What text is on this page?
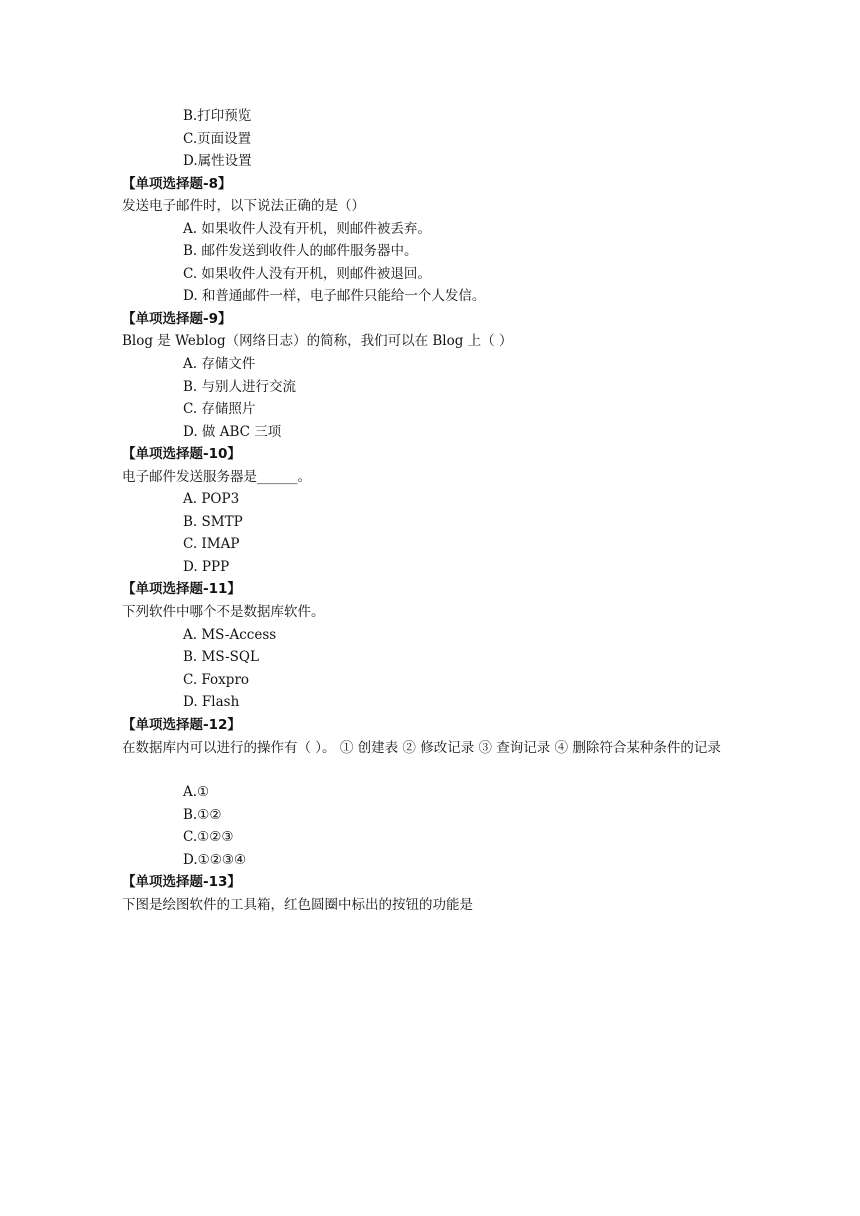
B.打印预览
C.页面设置
D.属性设置
【单项选择题-8】
发送电子邮件时，以下说法正确的是（）
A. 如果收件人没有开机，则邮件被丢弃。
B. 邮件发送到收件人的邮件服务器中。
C. 如果收件人没有开机，则邮件被退回。
D. 和普通邮件一样，电子邮件只能给一个人发信。
【单项选择题-9】
Blog 是 Weblog（网络日志）的简称，我们可以在 Blog 上（ ）
A. 存储文件
B. 与别人进行交流
C. 存储照片
D. 做 ABC 三项
【单项选择题-10】
电子邮件发送服务器是______。
A. POP3
B. SMTP
C. IMAP
D. PPP
【单项选择题-11】
下列软件中哪个不是数据库软件。
A. MS-Access
B. MS-SQL
C. Foxpro
D. Flash
【单项选择题-12】
在数据库内可以进行的操作有（ ）。 ① 创建表 ② 修改记录 ③ 查询记录 ④ 删除符合某种条件的记录
A.①
B.①②
C.①②③
D.①②③④
【单项选择题-13】
下图是绘图软件的工具箱，红色圆圈中标出的按钮的功能是
